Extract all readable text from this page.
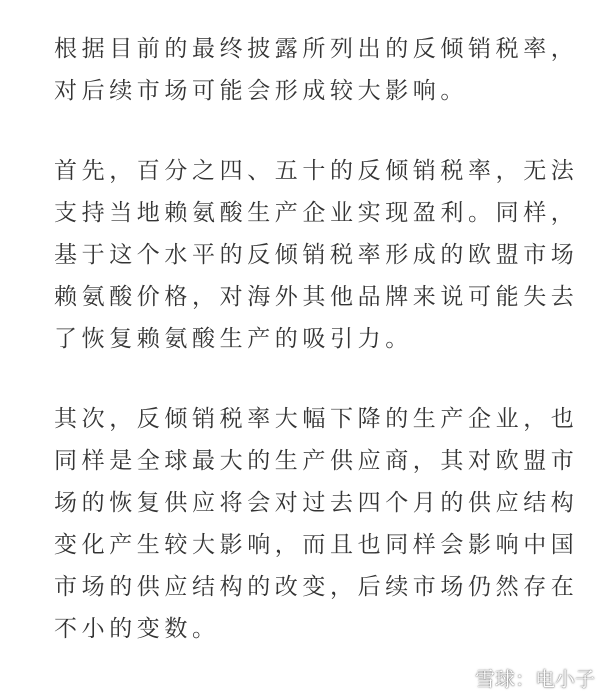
根据目前的最终披露所列出的反倾销税率，
对后续市场可能会形成较大影响。

首先，百分之四、五十的反倾销税率，无法
支持当地赖氨酸生产企业实现盈利。同样，
基于这个水平的反倾销税率形成的欧盟市场
赖氨酸价格，对海外其他品牌来说可能失去
了恢复赖氨酸生产的吸引力。

其次，反倾销税率大幅下降的生产企业，也
同样是全球最大的生产供应商，其对欧盟市
场的恢复供应将会对过去四个月的供应结构
变化产生较大影响，而且也同样会影响中国
市场的供应结构的改变，后续市场仍然存在
不小的变数。

雪球：电小子
